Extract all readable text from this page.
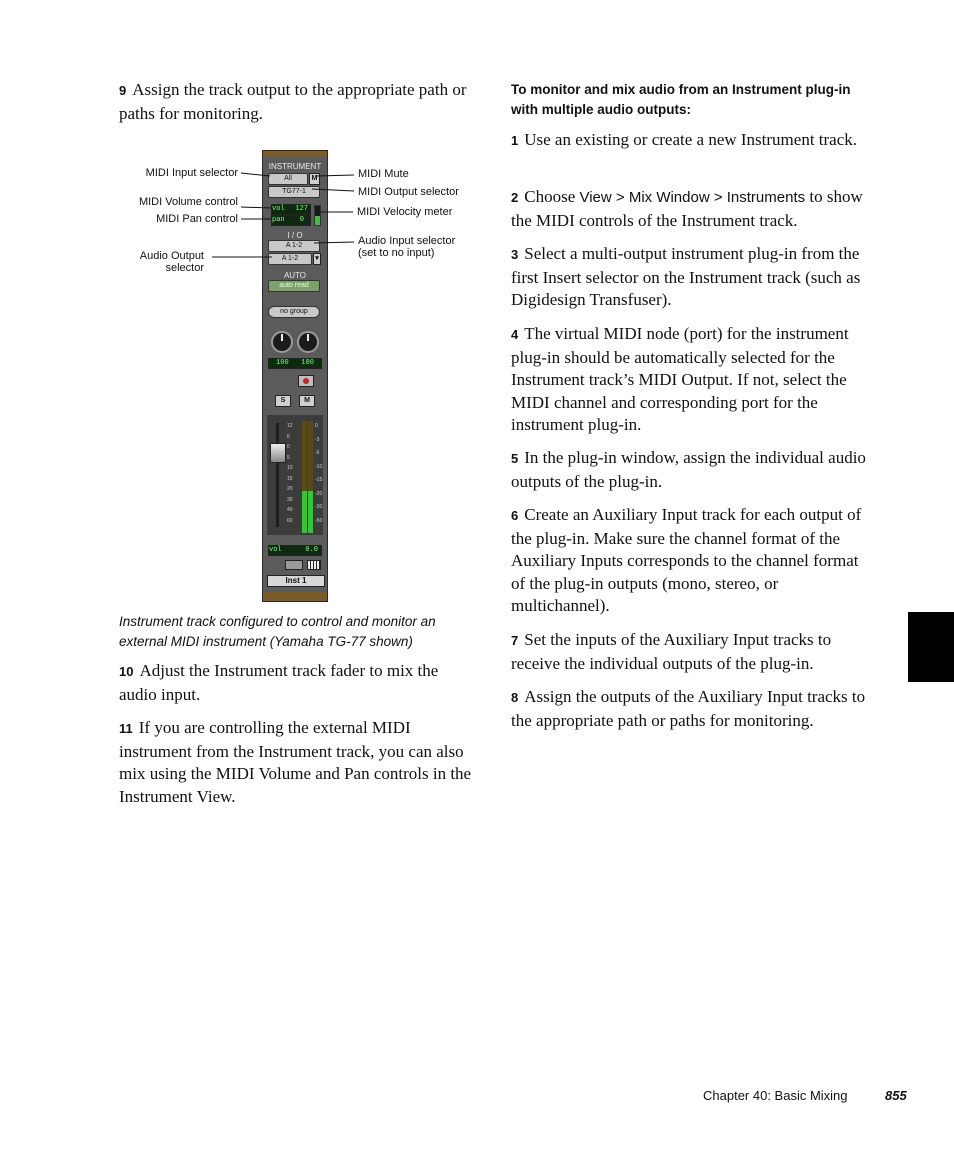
9 Assign the track output to the appropriate path or paths for monitoring.

INSTRUMENT
All	M
TG77-1
vol 127
pan 0
I / O
A 1-2
A 1-2	▾
AUTO
auto read
no group
100 100
S	M
12
6
0
5
10
15
20
30
40
60
0
-3
-6
-10
-15
-20
-30
-50
vol	0.0
Inst 1
MIDI Input selector
MIDI Volume control
MIDI Pan control
Audio Output
selector
MIDI Mute
MIDI Output selector
MIDI Velocity meter
Audio Input selector
(set to no input)

Instrument track configured to control and monitor an external MIDI instrument (Yamaha TG-77 shown)

10 Adjust the Instrument track fader to mix the audio input.

11 If you are controlling the external MIDI instrument from the Instrument track, you can also mix using the MIDI Volume and Pan controls in the Instrument View.

To monitor and mix audio from an Instrument plug-in with multiple audio outputs:

1 Use an existing or create a new Instrument track.

2 Choose View > Mix Window > Instruments to show the MIDI controls of the Instrument track.

3 Select a multi-output instrument plug-in from the first Insert selector on the Instrument track (such as Digidesign Transfuser).

4 The virtual MIDI node (port) for the instrument plug-in should be automatically selected for the Instrument track’s MIDI Output. If not, select the MIDI channel and corresponding port for the instrument plug-in.

5 In the plug-in window, assign the individual audio outputs of the plug-in.

6 Create an Auxiliary Input track for each output of the plug-in. Make sure the channel format of the Auxiliary Inputs corresponds to the channel format of the plug-in outputs (mono, stereo, or multichannel).

7 Set the inputs of the Auxiliary Input tracks to receive the individual outputs of the plug-in.

8 Assign the outputs of the Auxiliary Input tracks to the appropriate path or paths for monitoring.

Chapter 40: Basic Mixing	855
